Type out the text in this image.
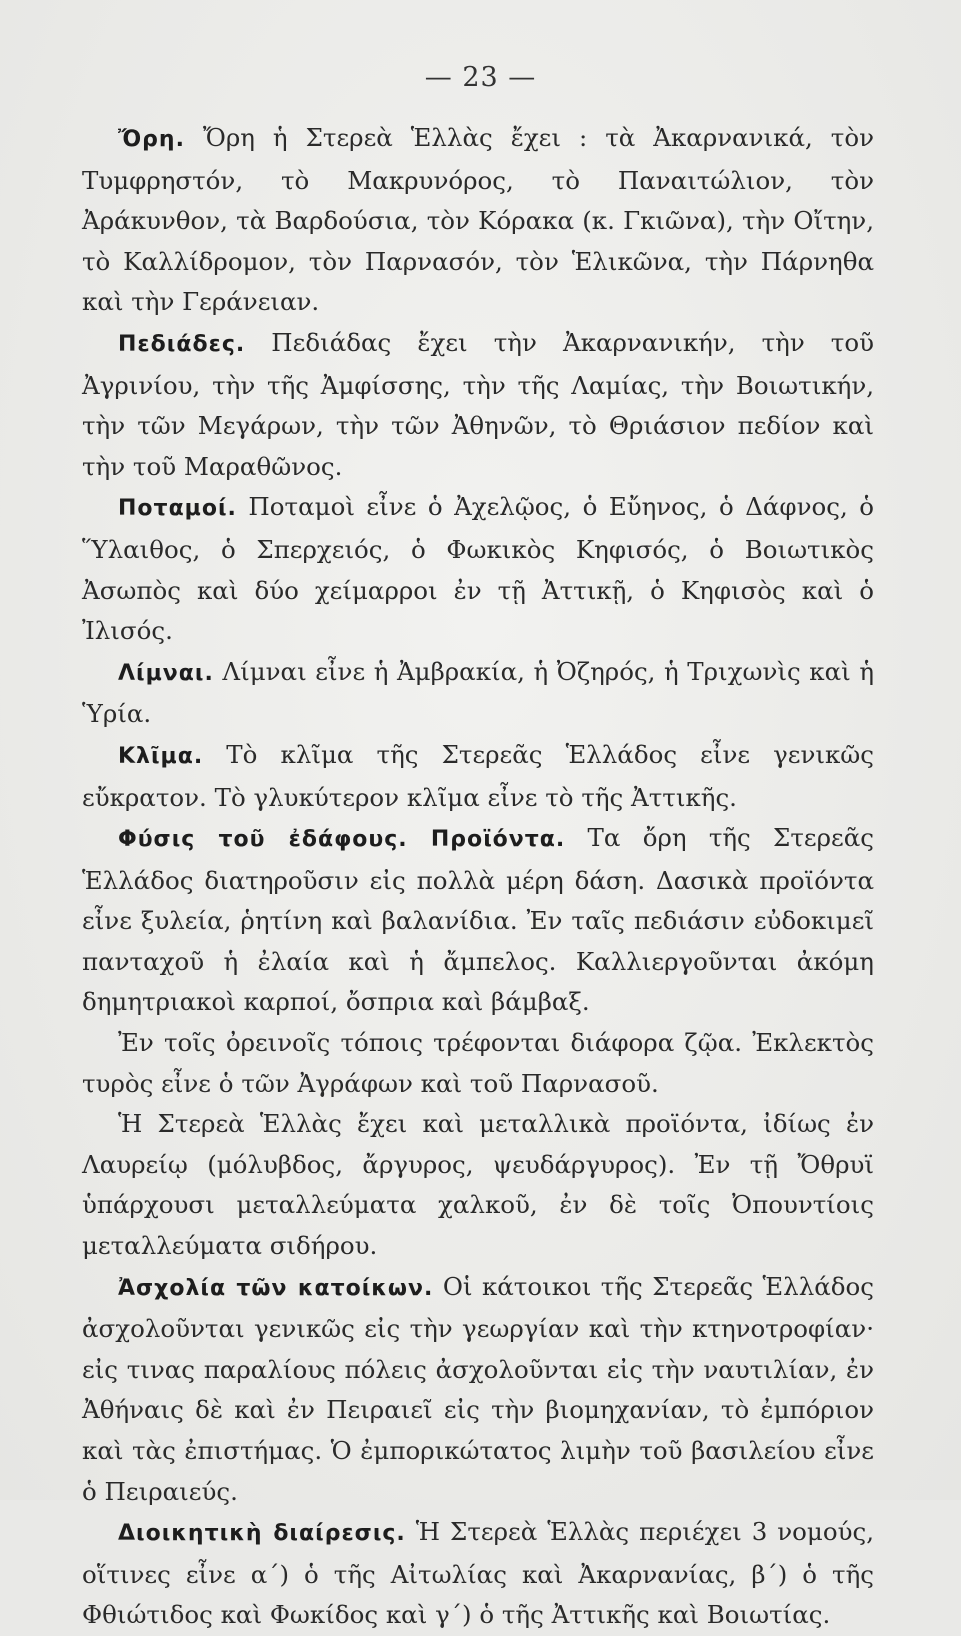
— 23 —

Ὄρη. Ὄρη ἡ Στερεὰ Ἑλλὰς ἔχει : τὰ Ἀκαρνανικά, τὸν Τυμφρηστόν, τὸ Μακρυνόρος, τὸ Παναιτώλιον, τὸν Ἀράκυνθον, τὰ Βαρδούσια, τὸν Κόρακα (κ. Γκιῶνα), τὴν Οἴτην, τὸ Καλλίδρομον, τὸν Παρνασόν, τὸν Ἑλικῶνα, τὴν Πάρνηθα καὶ τὴν Γεράνειαν.

Πεδιάδες. Πεδιάδας ἔχει τὴν Ἀκαρνανικήν, τὴν τοῦ Ἀγρινίου, τὴν τῆς Ἀμφίσσης, τὴν τῆς Λαμίας, τὴν Βοιωτικήν, τὴν τῶν Μεγάρων, τὴν τῶν Ἀθηνῶν, τὸ Θριάσιον πεδίον καὶ τὴν τοῦ Μαραθῶνος.

Ποταμοί. Ποταμοὶ εἶνε ὁ Ἀχελῷος, ὁ Εὔηνος, ὁ Δάφνος, ὁ Ὕλαιθος, ὁ Σπερχειός, ὁ Φωκικὸς Κηφισός, ὁ Βοιωτικὸς Ἀσωπὸς καὶ δύο χείμαρροι ἐν τῇ Ἀττικῇ, ὁ Κηφισὸς καὶ ὁ Ἰλισός.

Λίμναι. Λίμναι εἶνε ἡ Ἀμβρακία, ἡ Ὀζηρός, ἡ Τριχωνὶς καὶ ἡ Ὑρία.

Κλῖμα. Τὸ κλῖμα τῆς Στερεᾶς Ἑλλάδος εἶνε γενικῶς εὔκρατον. Τὸ γλυκύτερον κλῖμα εἶνε τὸ τῆς Ἀττικῆς.

Φύσις τοῦ ἐδάφους. Προϊόντα. Τα ὄρη τῆς Στερεᾶς Ἑλλάδος διατηροῦσιν εἰς πολλὰ μέρη δάση. Δασικὰ προϊόντα εἶνε ξυλεία, ῥητίνη καὶ βαλανίδια. Ἐν ταῖς πεδιάσιν εὐδοκιμεῖ πανταχοῦ ἡ ἐλαία καὶ ἡ ἄμπελος. Καλλιεργοῦνται ἀκόμη δημητριακοὶ καρποί, ὄσπρια καὶ βάμβαξ.

Ἐν τοῖς ὀρεινοῖς τόποις τρέφονται διάφορα ζῷα. Ἐκλεκτὸς τυρὸς εἶνε ὁ τῶν Ἀγράφων καὶ τοῦ Παρνασοῦ.

Ἡ Στερεὰ Ἑλλὰς ἔχει καὶ μεταλλικὰ προϊόντα, ἰδίως ἐν Λαυρείῳ (μόλυβδος, ἄργυρος, ψευδάργυρος). Ἐν τῇ Ὄθρυϊ ὑπάρχουσι μεταλλεύματα χαλκοῦ, ἐν δὲ τοῖς Ὀπουντίοις μεταλλεύματα σιδήρου.

Ἀσχολία τῶν κατοίκων. Οἱ κάτοικοι τῆς Στερεᾶς Ἑλλάδος ἀσχολοῦνται γενικῶς εἰς τὴν γεωργίαν καὶ τὴν κτηνοτροφίαν· εἰς τινας παραλίους πόλεις ἀσχολοῦνται εἰς τὴν ναυτιλίαν, ἐν Ἀθήναις δὲ καὶ ἐν Πειραιεῖ εἰς τὴν βιομηχανίαν, τὸ ἐμπόριον καὶ τὰς ἐπιστήμας. Ὁ ἐμπορικώτατος λιμὴν τοῦ βασιλείου εἶνε ὁ Πειραιεύς.

Διοικητικὴ διαίρεσις. Ἡ Στερεὰ Ἑλλὰς περιέχει 3 νομούς, οἵτινες εἶνε α΄) ὁ τῆς Αἰτωλίας καὶ Ἀκαρνανίας, β΄) ὁ τῆς Φθιώτιδος καὶ Φωκίδος καὶ γ΄) ὁ τῆς Ἀττικῆς καὶ Βοιωτίας.
